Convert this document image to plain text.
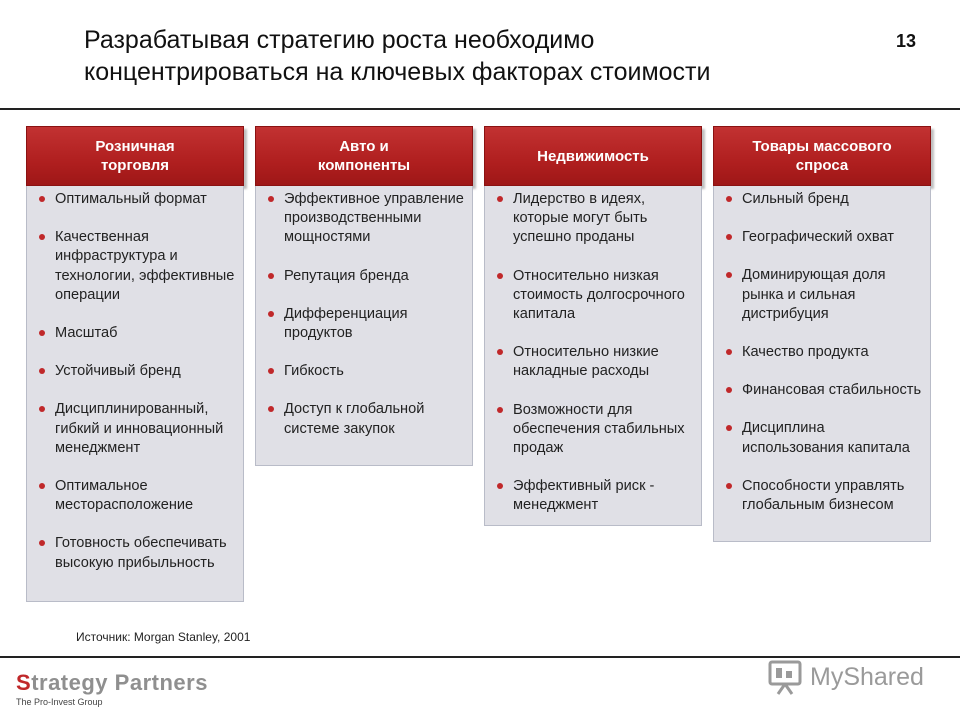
Разрабатывая стратегию роста необходимо
концентрироваться на ключевых факторах стоимости
13
Розничная
торговля
Оптимальный формат
Качественная инфраструктура и технологии, эффективные операции
Масштаб
Устойчивый бренд
Дисциплинированный, гибкий и инновационный менеджмент
Оптимальное месторасположение
Готовность обеспечивать высокую прибыльность
Авто и
компоненты
Эффективное управление производственными мощностями
Репутация бренда
Дифференциация продуктов
Гибкость
Доступ к глобальной системе закупок
Недвижимость
Лидерство в идеях, которые могут быть успешно проданы
Относительно низкая стоимость долгосрочного капитала
Относительно низкие накладные расходы
Возможности для обеспечения стабильных продаж
Эффективный риск - менеджмент
Товары массового
спроса
Сильный бренд
Географический охват
Доминирующая доля рынка и сильная дистрибуция
Качество продукта
Финансовая стабильность
Дисциплина использования капитала
Способности управлять глобальным бизнесом
Источник: Morgan Stanley, 2001
Strategy Partners
The Pro-Invest Group
MyShared
